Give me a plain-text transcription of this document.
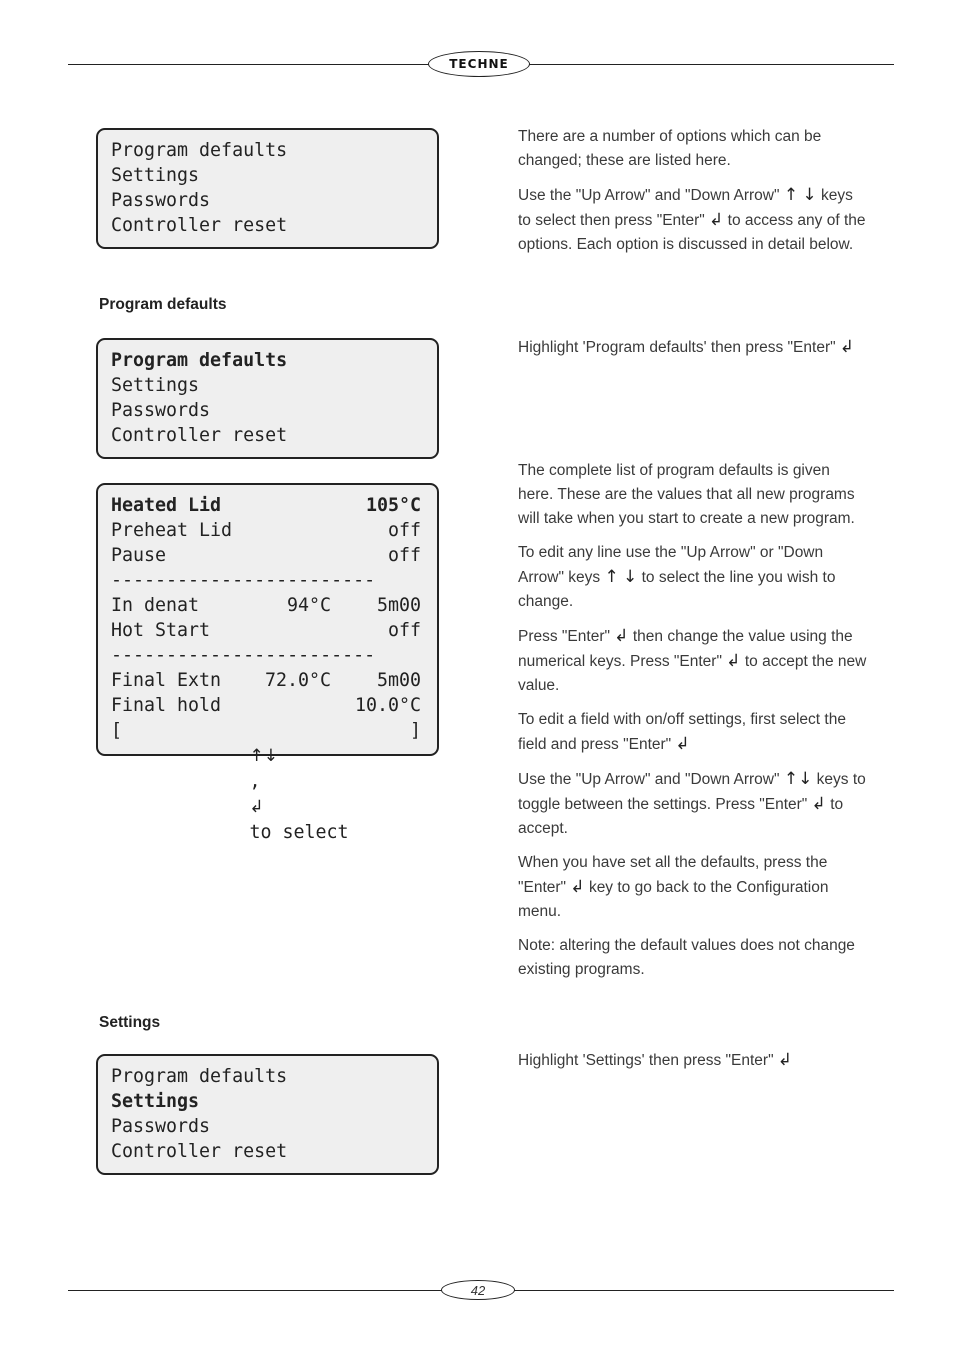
TECHNE
Program defaults
Settings
Passwords
Controller reset

There are a number of options which can be changed; these are listed here.

Use the "Up Arrow" and "Down Arrow" ↑ ↓ keys to select then press "Enter" ↲ to access any of the options. Each option is discussed in detail below.

Program defaults
Program defaults
Settings
Passwords
Controller reset

Highlight 'Program defaults' then press "Enter" ↲

Heated Lid	105°C
Preheat Lid	off
Pause	off
------------------------
In denat	94°C	5m00
Hot Start	off
------------------------
Final Extn	72.0°C	5m00
Final hold	10.0°C
[

↑↓
,
↲
to select

]

The complete list of program defaults is given here. These are the values that all new programs will take when you start to create a new program.

To edit any line use the "Up Arrow" or "Down Arrow" keys ↑ ↓ to select the line you wish to change.

Press "Enter" ↲ then change the value using the numerical keys. Press "Enter" ↲ to accept the new value.

To edit a field with on/off settings, first select the field and press "Enter" ↲

Use the "Up Arrow" and "Down Arrow" ↑↓ keys to toggle between the settings. Press "Enter" ↲ to accept.

When you have set all the defaults, press the "Enter" ↲ key to go back to the Configuration menu.

Note: altering the default values does not change existing programs.

Settings
Program defaults
Settings
Passwords
Controller reset

Highlight 'Settings' then press "Enter" ↲

42
